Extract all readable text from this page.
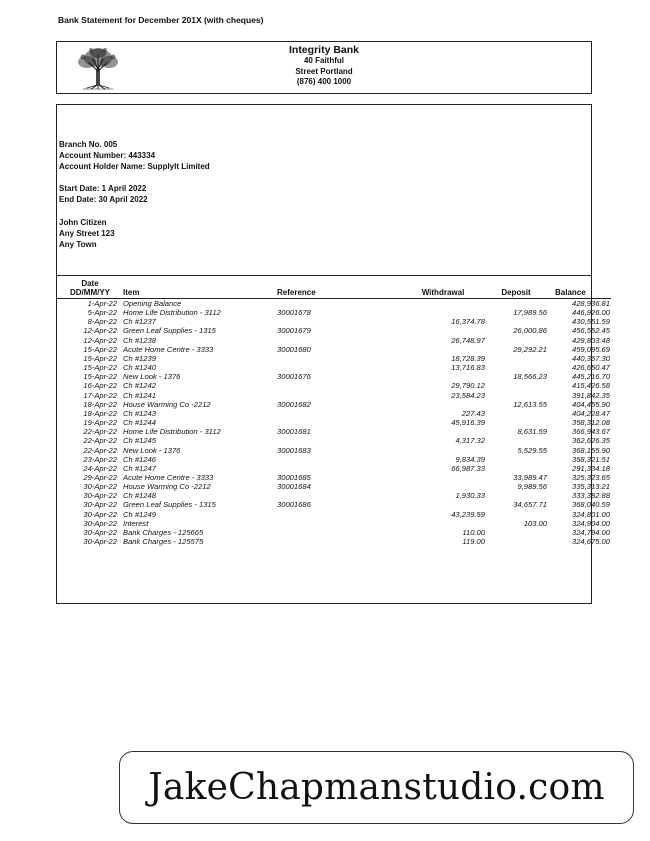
Bank Statement for December 201X (with cheques)
Integrity Bank
40 Faithful
Street Portland
(876) 400 1000
Branch No. 005
Account Number: 443334
Account Holder Name: SupplyIt Limited
Start Date: 1 April 2022
End Date: 30 April 2022
John Citizen
Any Street 123
Any Town
Date
DD/MM/YY	Item	Reference	Withdrawal	Deposit	Balance
1-Apr-22	Opening Balance				428,936.81
5-Apr-22	Home Life Distribution - 3112	30001678		17,989.56	446,926.00
8-Apr-22	Ch #1237		16,374.78		430,551.59
12-Apr-22	Green Leaf Supplies - 1315	30001679		26,000.86	456,552.45
12-Apr-22	Ch #1238		26,748.97		429,803.48
15-Apr-22	Acute Home Centre - 3333	30001680		29,292.21	459,095.69
15-Apr-22	Ch #1239		18,728.39		440,367.30
15-Apr-22	Ch #1240		13,716.83		426,650.47
15-Apr-22	New Look - 1376	30001676		18,566.23	445,216.70
16-Apr-22	Ch #1242		29,790.12		415,426.58
17-Apr-22	Ch #1241		23,584.23		391,842.35
18-Apr-22	House Warming Co -2212	30001682		12,613.55	404,455.90
18-Apr-22	Ch #1243		227.43		404,228.47
19-Apr-22	Ch #1244		45,916.39		358,312.08
22-Apr-22	Home Life Distribution - 3112	30001681		8,631.59	366,943.67
22-Apr-22	Ch #1245		4,317.32		362,626.35
22-Apr-22	New Look - 1376	30001683		5,529.55	368,155.90
23-Apr-22	Ch #1246		9,834.39		358,321.51
24-Apr-22	Ch #1247		66,987.33		291,334.18
29-Apr-22	Acute Home Centre - 3333	30001685		33,989.47	325,323.65
30-Apr-22	House Warming Co -2212	30001684		9,989.56	335,313.21
30-Apr-22	Ch #1248		1,930.33		333,382.88
30-Apr-22	Green Leaf Supplies - 1315	30001686		34,657.71	368,040.59
30-Apr-22	Ch #1249		43,239.59		324,801.00
30-Apr-22	Interest			103.00	324,904.00
30-Apr-22	Bank Charges - 125665		110.00		324,794.00
30-Apr-22	Bank Charges - 125575		119.00		324,675.00
JakeChapmanstudio.com
